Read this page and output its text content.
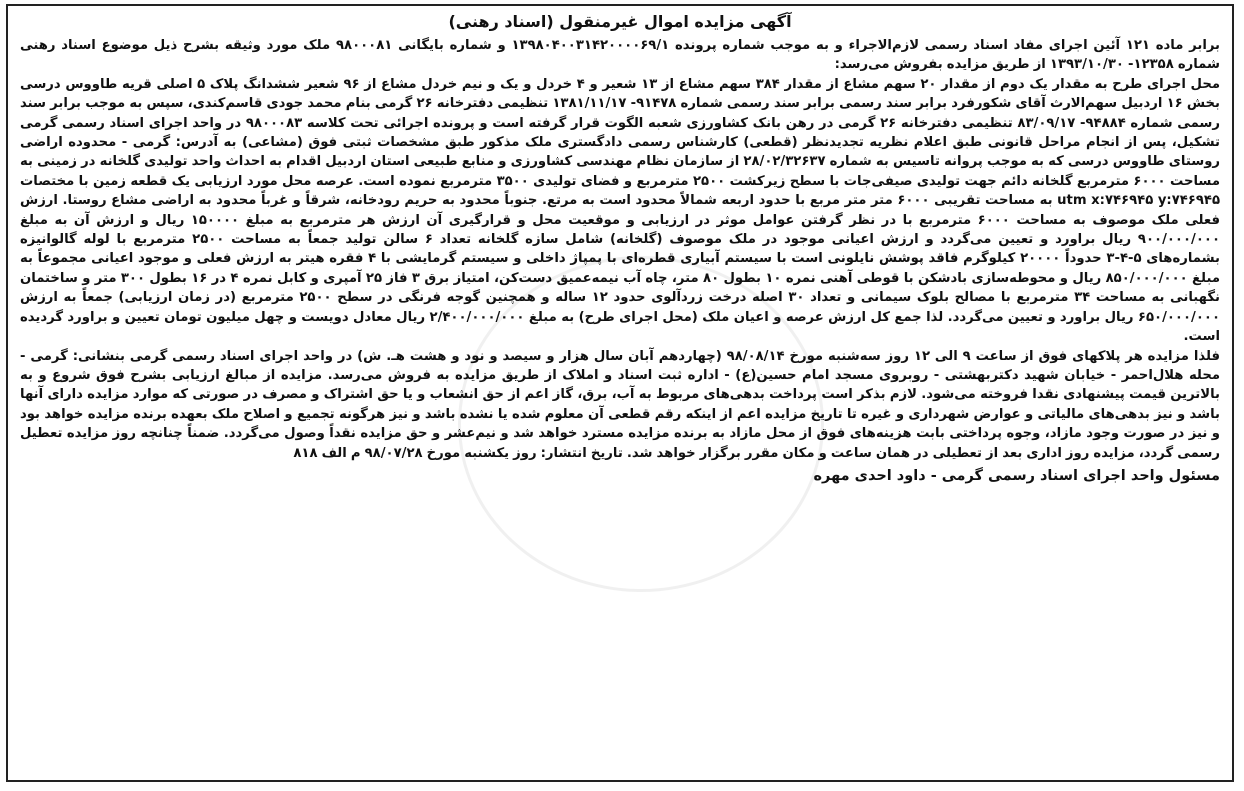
آگهی مزایده اموال غیرمنقول (اسناد رهنی)

برابر ماده ۱۲۱ آئین اجرای مفاد اسناد رسمی لازم‌الاجراء و به موجب شماره پرونده ۱۳۹۸۰۴۰۰۳۱۴۲۰۰۰۰۶۹/۱ و شماره بایگانی ۹۸۰۰۰۸۱ ملک مورد وثیقه بشرح ذیل موضوع اسناد رهنی شماره ۱۲۳۵۸- ۱۳۹۳/۱۰/۳۰ از طریق مزایده بفروش می‌رسد:

محل اجرای طرح به مقدار یک دوم از مقدار ۲۰ سهم مشاع از مقدار ۳۸۴ سهم مشاع از ۱۳ شعیر و ۴ خردل و یک و نیم خردل مشاع از ۹۶ شعیر ششدانگ پلاک ۵ اصلی قریه طاووس درسی بخش ۱۶ اردبیل سهم‌الارث آقای شکورفرد برابر سند رسمی برابر سند رسمی شماره ۹۱۴۷۸- ۱۳۸۱/۱۱/۱۷ تنظیمی دفترخانه ۲۶ گرمی بنام محمد جودی قاسم‌کندی، سپس به موجب برابر سند رسمی شماره ۹۴۸۸۴- ۸۳/۰۹/۱۷ تنظیمی دفترخانه ۲۶ گرمی در رهن بانک کشاورزی شعبه الگوت قرار گرفته است و پرونده اجرائی تحت کلاسه ۹۸۰۰۰۸۳ در واحد اجرای اسناد رسمی گرمی تشکیل، پس از انجام مراحل قانونی طبق اعلام نظریه تجدیدنظر (قطعی) کارشناس رسمی دادگستری ملک مذکور طبق مشخصات ثبتی فوق (مشاعی) به آدرس: گرمی - محدوده اراضی روستای طاووس درسی که به موجب پروانه تاسیس به شماره ۲۸/۰۲/۳۲۶۳۷ از سازمان نظام مهندسی کشاورزی و منابع طبیعی استان اردبیل اقدام به احداث واحد تولیدی گلخانه در زمینی به مساحت ۶۰۰۰ مترمربع گلخانه دائم جهت تولیدی صیفی‌جات با سطح زیرکشت ۲۵۰۰ مترمربع و فضای تولیدی ۳۵۰۰ مترمربع نموده است. عرصه محل مورد ارزیابی یک قطعه زمین با مختصات utm x:۷۴۶۹۴۵ y:۷۴۶۹۴۵ به مساحت تقریبی ۶۰۰۰ متر متر مربع با حدود اربعه شمالاً محدود است به مرتع. جنوباً محدود به حریم رودخانه، شرقاً و غرباً محدود به اراضی مشاع روستا. ارزش فعلی ملک موصوف به مساحت ۶۰۰۰ مترمربع با در نظر گرفتن عوامل موثر در ارزیابی و موقعیت محل و قرارگیری آن ارزش هر مترمربع به مبلغ ۱۵۰۰۰۰ ریال و ارزش آن به مبلغ ۹۰۰/۰۰۰/۰۰۰ ریال براورد و تعیین می‌گردد و ارزش اعیانی موجود در ملک موصوف (گلخانه) شامل سازه گلخانه تعداد ۶ سالن تولید جمعاً به مساحت ۲۵۰۰ مترمربع با لوله گالوانیزه بشماره‌های ۵-۴-۳ حدوداً ۲۰۰۰۰ کیلوگرم فاقد پوشش نایلونی است با سیستم آبیاری قطره‌ای با پمپاژ داخلی و سیستم گرمایشی با ۴ فقره هیتر به ارزش فعلی و موجود اعیانی مجموعاً به مبلغ ۸۵۰/۰۰۰/۰۰۰ ریال و محوطه‌سازی بادشکن با قوطی آهنی نمره ۱۰ بطول ۸۰ متر، چاه آب نیمه‌عمیق دست‌کن، امتیاز برق ۳ فاز ۲۵ آمپری و کابل نمره ۴ در ۱۶ بطول ۳۰۰ متر و ساختمان نگهبانی به مساحت ۳۴ مترمربع با مصالح بلوک سیمانی و تعداد ۳۰ اصله درخت زردآلوی حدود ۱۲ ساله و همچنین گوجه فرنگی در سطح ۲۵۰۰ مترمربع (در زمان ارزیابی) جمعاً به ارزش ۶۵۰/۰۰۰/۰۰۰ ریال براورد و تعیین می‌گردد. لذا جمع کل ارزش عرصه و اعیان ملک (محل اجرای طرح) به مبلغ ۲/۴۰۰/۰۰۰/۰۰۰ ریال معادل دویست و چهل میلیون تومان تعیین و براورد گردیده است.

فلذا مزایده هر پلاکهای فوق از ساعت ۹ الی ۱۲ روز سه‌شنبه مورخ ۹۸/۰۸/۱۴ (چهاردهم آبان سال هزار و سیصد و نود و هشت هـ. ش) در واحد اجرای اسناد رسمی گرمی بنشانی: گرمی - محله هلال‌احمر - خیابان شهید دکتربهشتی - روبروی مسجد امام حسین(ع) - اداره ثبت اسناد و املاک از طریق مزایده به فروش می‌رسد. مزایده از مبالغ ارزیابی بشرح فوق شروع و به بالاترین قیمت پیشنهادی نقدا فروخته می‌شود. لازم بذکر است پرداخت بدهی‌های مربوط به آب، برق، گاز اعم از حق انشعاب و یا حق اشتراک و مصرف در صورتی که موارد مزایده دارای آنها باشد و نیز بدهی‌های مالیاتی و عوارض شهرداری و غیره تا تاریخ مزایده اعم از اینکه رقم قطعی آن معلوم شده یا نشده باشد و نیز هرگونه تجمیع و اصلاح ملک بعهده برنده مزایده خواهد بود و نیز در صورت وجود مازاد، وجوه پرداختی بابت هزینه‌های فوق از محل مازاد به برنده مزایده مسترد خواهد شد و نیم‌عشر و حق مزایده نقداً وصول می‌گردد. ضمناً چنانچه روز مزایده تعطیل رسمی گردد، مزایده روز اداری بعد از تعطیلی در همان ساعت و مکان مقرر برگزار خواهد شد. تاریخ انتشار: روز یکشنبه مورخ ۹۸/۰۷/۲۸ م الف ۸۱۸

مسئول واحد اجرای اسناد رسمی گرمی - داود احدی مهره
